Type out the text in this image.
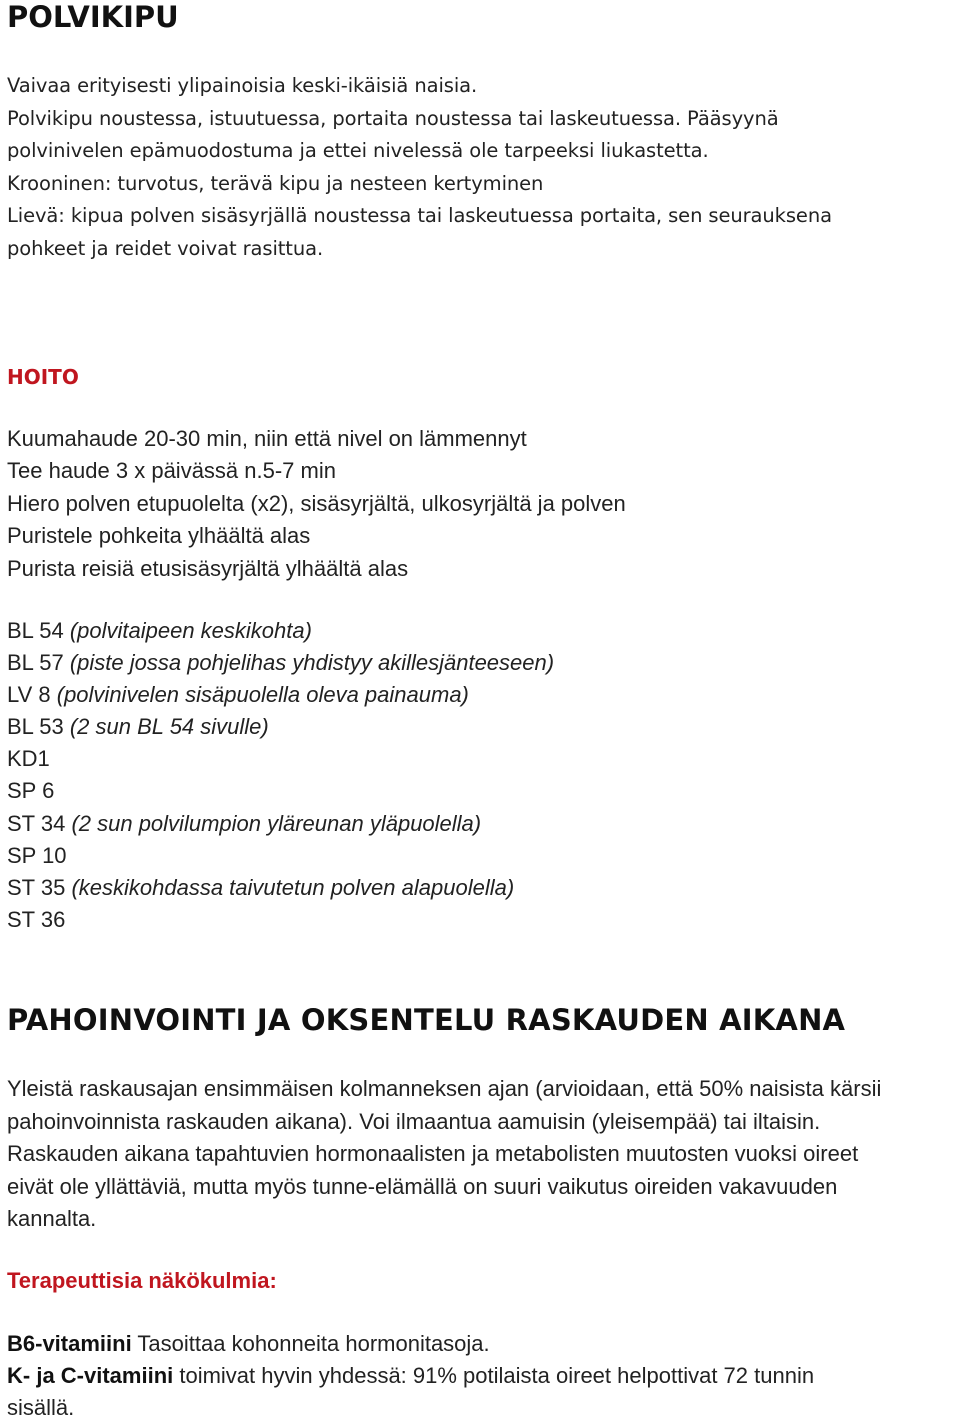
POLVIKIPU
Vaivaa erityisesti ylipainoisia keski-ikäisiä naisia.
Polvikipu noustessa, istuutuessa, portaita noustessa tai laskeutuessa. Pääsyynä
polvinivelen epämuodostuma ja ettei nivelessä ole tarpeeksi liukastetta.
Krooninen: turvotus, terävä kipu ja nesteen kertyminen
Lievä: kipua polven sisäsyrjällä noustessa tai laskeutuessa portaita, sen seurauksena
pohkeet ja reidet voivat rasittua.
HOITO
Kuumahaude 20-30 min, niin että nivel on lämmennyt
Tee haude 3 x päivässä n.5-7 min
Hiero polven etupuolelta (x2), sisäsyrjältä, ulkosyrjältä ja polven
Puristele pohkeita ylhäältä alas
Purista reisiä etusisäsyrjältä ylhäältä alas
BL 54 (polvitaipeen keskikohta)
BL 57 (piste jossa pohjelihas yhdistyy akillesjänteeseen)
LV 8 (polvinivelen sisäpuolella oleva painauma)
BL 53 (2 sun BL 54 sivulle)
KD1
SP 6
ST 34 (2 sun polvilumpion yläreunan yläpuolella)
SP 10
ST 35 (keskikohdassa taivutetun polven alapuolella)
ST 36
PAHOINVOINTI JA OKSENTELU RASKAUDEN AIKANA
Yleistä raskausajan ensimmäisen kolmanneksen ajan (arvioidaan, että 50% naisista kärsii
pahoinvoinnista raskauden aikana). Voi ilmaantua aamuisin (yleisempää) tai iltaisin.
Raskauden aikana tapahtuvien hormonaalisten ja metabolisten muutosten vuoksi oireet
eivät ole yllättäviä, mutta myös tunne-elämällä on suuri vaikutus oireiden vakavuuden
kannalta.
Terapeuttisia näkökulmia:
B6-vitamiini Tasoittaa kohonneita hormonitasoja.
K- ja C-vitamiini toimivat hyvin yhdessä: 91% potilaista oireet helpottivat 72 tunnin
sisällä.
